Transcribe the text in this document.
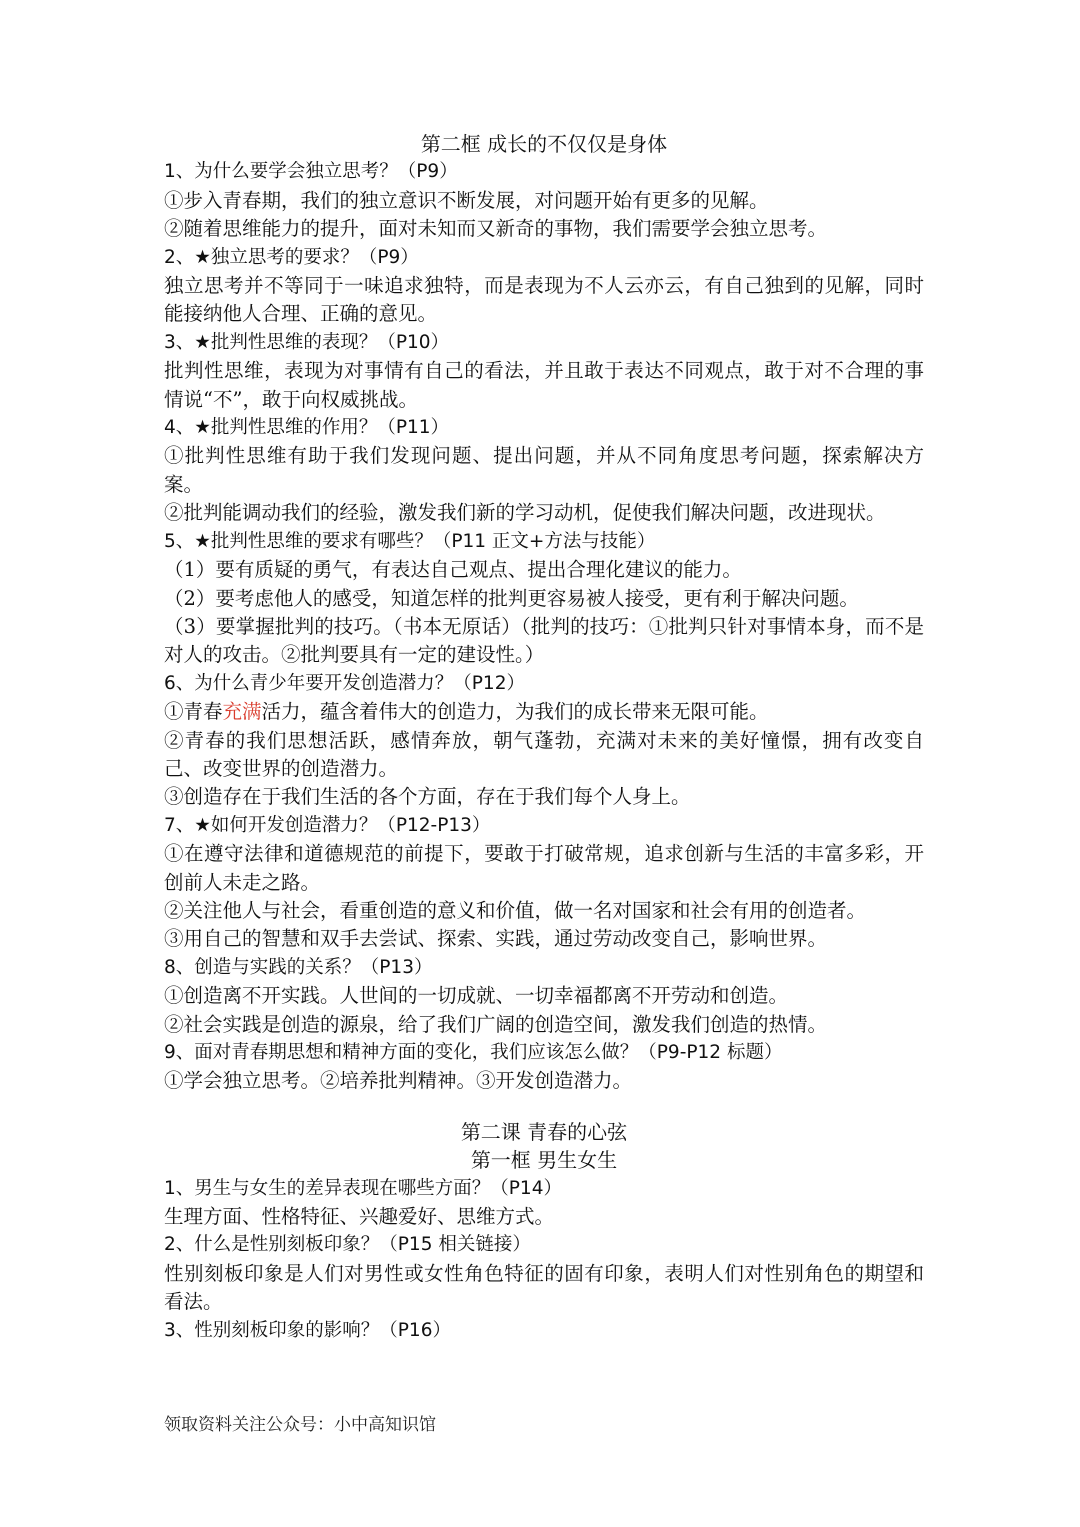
第二框 成长的不仅仅是身体
1、为什么要学会独立思考？（P9）
①步入青春期，我们的独立意识不断发展，对问题开始有更多的见解。
②随着思维能力的提升，面对未知而又新奇的事物，我们需要学会独立思考。
2、★独立思考的要求？（P9）
独立思考并不等同于一味追求独特，而是表现为不人云亦云，有自己独到的见解，同时能接纳他人合理、正确的意见。
3、★批判性思维的表现？（P10）
批判性思维，表现为对事情有自己的看法，并且敢于表达不同观点，敢于对不合理的事情说“不”，敢于向权威挑战。
4、★批判性思维的作用？（P11）
①批判性思维有助于我们发现问题、提出问题，并从不同角度思考问题，探索解决方案。
②批判能调动我们的经验，激发我们新的学习动机，促使我们解决问题，改进现状。
5、★批判性思维的要求有哪些？（P11 正文+方法与技能）
（1）要有质疑的勇气，有表达自己观点、提出合理化建议的能力。
（2）要考虑他人的感受，知道怎样的批判更容易被人接受，更有利于解决问题。
（3）要掌握批判的技巧。（书本无原话）（批判的技巧：①批判只针对事情本身，而不是对人的攻击。②批判要具有一定的建设性。）
6、为什么青少年要开发创造潜力？（P12）
①青春充满活力，蕴含着伟大的创造力，为我们的成长带来无限可能。
②青春的我们思想活跃，感情奔放，朝气蓬勃，充满对未来的美好憧憬，拥有改变自己、改变世界的创造潜力。
③创造存在于我们生活的各个方面，存在于我们每个人身上。
7、★如何开发创造潜力？（P12-P13）
①在遵守法律和道德规范的前提下，要敢于打破常规，追求创新与生活的丰富多彩，开创前人未走之路。
②关注他人与社会，看重创造的意义和价值，做一名对国家和社会有用的创造者。
③用自己的智慧和双手去尝试、探索、实践，通过劳动改变自己，影响世界。
8、创造与实践的关系？（P13）
①创造离不开实践。人世间的一切成就、一切幸福都离不开劳动和创造。
②社会实践是创造的源泉，给了我们广阔的创造空间，激发我们创造的热情。
9、面对青春期思想和精神方面的变化，我们应该怎么做？（P9-P12 标题）
①学会独立思考。②培养批判精神。③开发创造潜力。
第二课 青春的心弦
第一框 男生女生
1、男生与女生的差异表现在哪些方面？（P14）
生理方面、性格特征、兴趣爱好、思维方式。
2、什么是性别刻板印象？（P15 相关链接）
性别刻板印象是人们对男性或女性角色特征的固有印象，表明人们对性别角色的期望和看法。
3、性别刻板印象的影响？（P16）
领取资料关注公众号：小中高知识馆
